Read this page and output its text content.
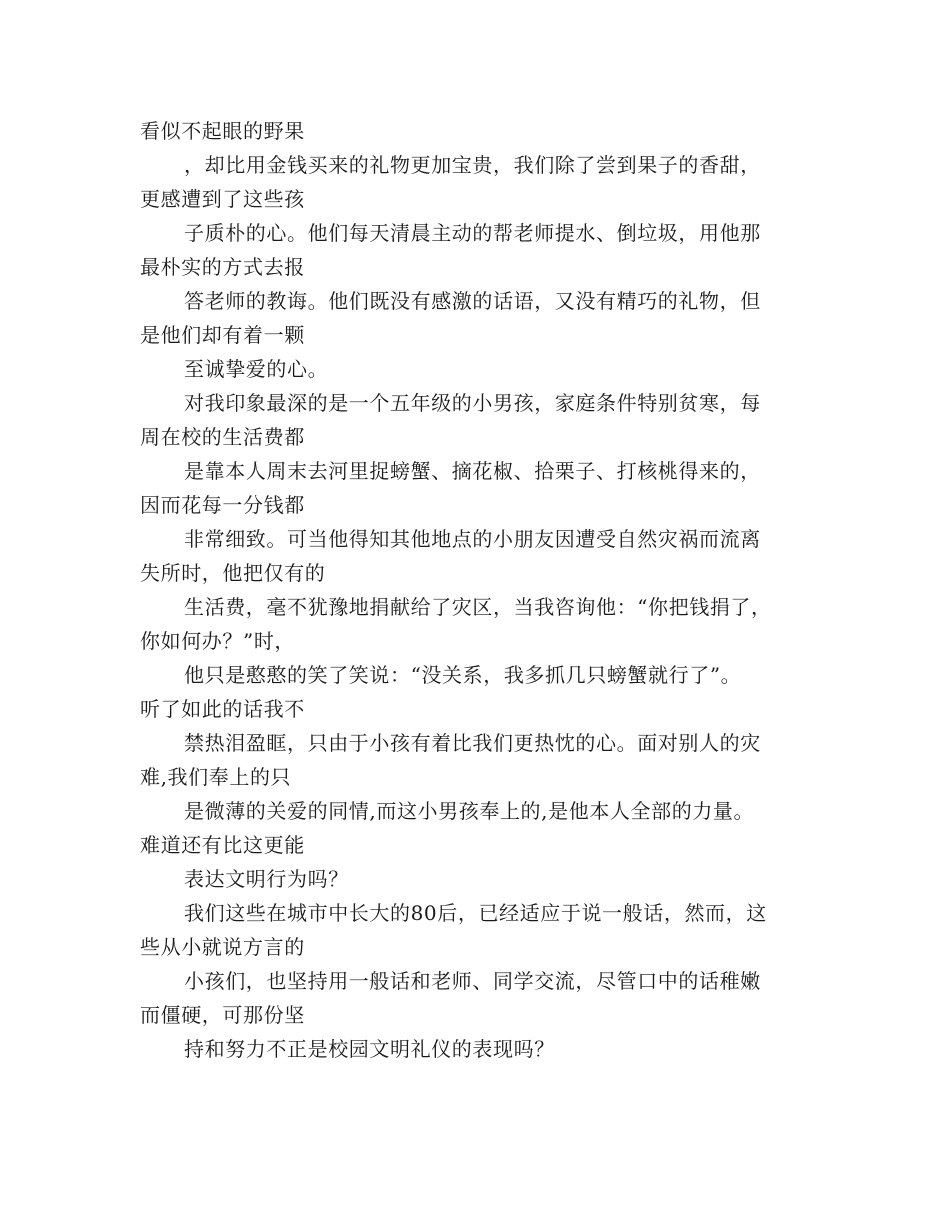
看似不起眼的野果
，却比用金钱买来的礼物更加宝贵，我们除了尝到果子的香甜，
更感遭到了这些孩
子质朴的心。他们每天清晨主动的帮老师提水、倒垃圾，用他那
最朴实的方式去报
答老师的教诲。他们既没有感激的话语，又没有精巧的礼物，但
是他们却有着一颗
至诚挚爱的心。
对我印象最深的是一个五年级的小男孩，家庭条件特别贫寒，每
周在校的生活费都
是靠本人周末去河里捉螃蟹、摘花椒、拾栗子、打核桃得来的，
因而花每一分钱都
非常细致。可当他得知其他地点的小朋友因遭受自然灾祸而流离
失所时，他把仅有的
生活费，毫不犹豫地捐献给了灾区，当我咨询他：“你把钱捐了，
你如何办？”时，
他只是憨憨的笑了笑说：“没关系，我多抓几只螃蟹就行了”。
听了如此的话我不
禁热泪盈眶，只由于小孩有着比我们更热忱的心。面对别人的灾
难,我们奉上的只
是微薄的关爱的同情,而这小男孩奉上的,是他本人全部的力量。
难道还有比这更能
表达文明行为吗？
我们这些在城市中长大的80后，已经适应于说一般话，然而，这
些从小就说方言的
小孩们，也坚持用一般话和老师、同学交流，尽管口中的话稚嫩
而僵硬，可那份坚
持和努力不正是校园文明礼仪的表现吗？
